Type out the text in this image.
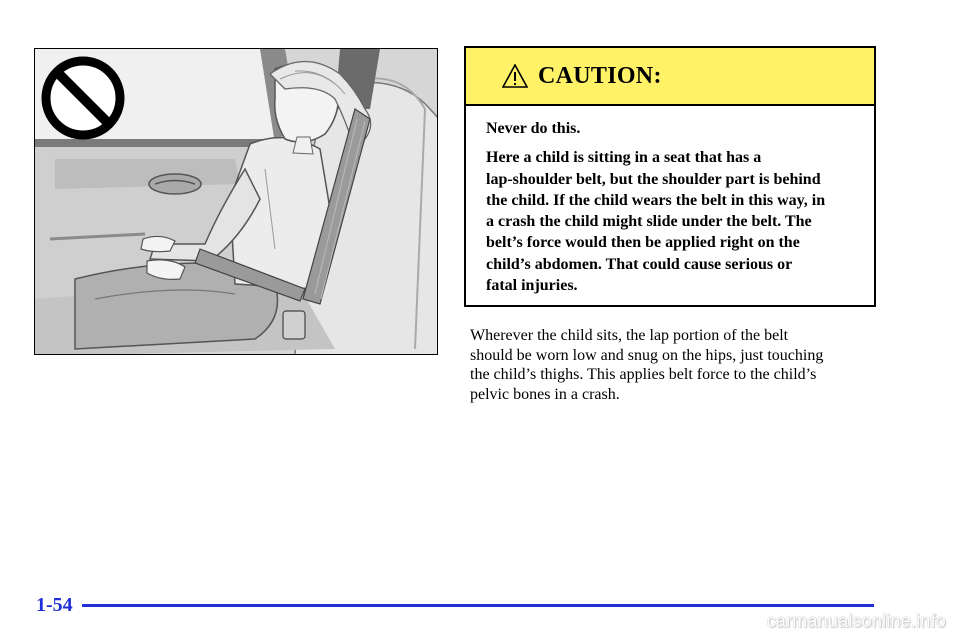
CAUTION:

Never do this.

Here a child is sitting in a seat that has a
lap-shoulder belt, but the shoulder part is behind
the child. If the child wears the belt in this way, in
a crash the child might slide under the belt. The
belt’s force would then be applied right on the
child’s abdomen. That could cause serious or
fatal injuries.

Wherever the child sits, the lap portion of the belt
should be worn low and snug on the hips, just touching
the child’s thighs. This applies belt force to the child’s
pelvic bones in a crash.
1-54
carmanualsonline.info
